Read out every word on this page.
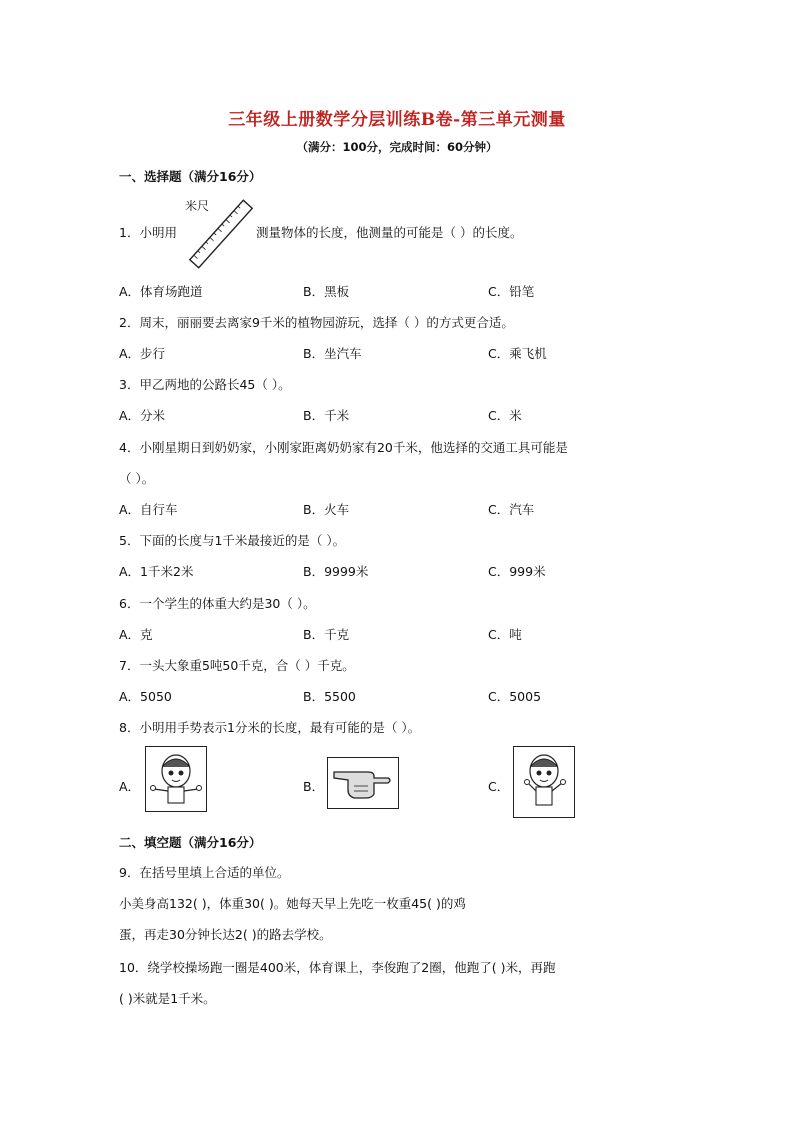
三年级上册数学分层训练B卷-第三单元测量
（满分：100分，完成时间：60分钟）
一、选择题（满分16分）
1．小明用
米尺
测量物体的长度，他测量的可能是（ ）的长度。
A．体育场跑道	B．黑板	C．铅笔
2．周末，丽丽要去离家9千米的植物园游玩，选择（ ）的方式更合适。
A．步行	B．坐汽车	C．乘飞机
3．甲乙两地的公路长45（ ）。
A．分米	B．千米	C．米
4．小刚星期日到奶奶家，小刚家距离奶奶家有20千米，他选择的交通工具可能是
（ ）。
A．自行车	B．火车	C．汽车
5．下面的长度与1千米最接近的是（ ）。
A．1千米2米	B．9999米	C．999米
6．一个学生的体重大约是30（ ）。
A．克	B．千克	C．吨
7．一头大象重5吨50千克，合（ ）千克。
A．5050	B．5500	C．5005
8．小明用手势表示1分米的长度，最有可能的是（ ）。
A．	B．	C．
二、填空题（满分16分）
9．在括号里填上合适的单位。
小美身高132( )，体重30( )。她每天早上先吃一枚重45( )的鸡
蛋，再走30分钟长达2( )的路去学校。
10．绕学校操场跑一圈是400米，体育课上，李俊跑了2圈，他跑了( )米，再跑
( )米就是1千米。
